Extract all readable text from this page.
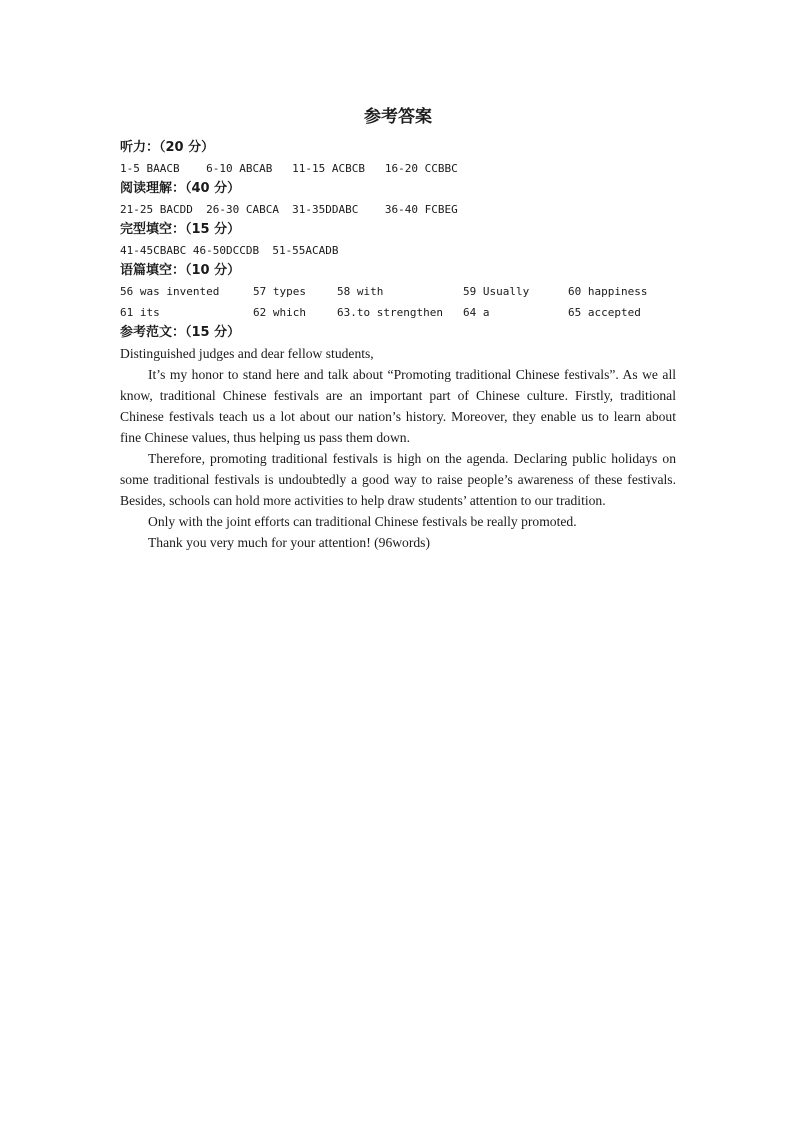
参考答案
听力：（20 分）
1-5 BAACB    6-10 ABCAB   11-15 ACBCB   16-20 CCBBC
阅读理解：（40 分）
21-25 BACDD  26-30 CABCA  31-35DDABC    36-40 FCBEG
完型填空：（15 分）
41-45CBABC 46-50DCCDB  51-55ACADB
语篇填空：（10 分）
56 was invented	57 types	58 with	59 Usually	60 happiness
61 its	62 which	63.to strengthen	64 a	65 accepted
参考范文：（15 分）

Distinguished judges and dear fellow students,

It’s my honor to stand here and talk about “Promoting traditional Chinese festivals”. As we all know, traditional Chinese festivals are an important part of Chinese culture. Firstly, traditional Chinese festivals teach us a lot about our nation’s history. Moreover, they enable us to learn about fine Chinese values, thus helping us pass them down.

Therefore, promoting traditional festivals is high on the agenda. Declaring public holidays on some traditional festivals is undoubtedly a good way to raise people’s awareness of these festivals. Besides, schools can hold more activities to help draw students’ attention to our tradition.

Only with the joint efforts can traditional Chinese festivals be really promoted.

Thank you very much for your attention! (96words)
